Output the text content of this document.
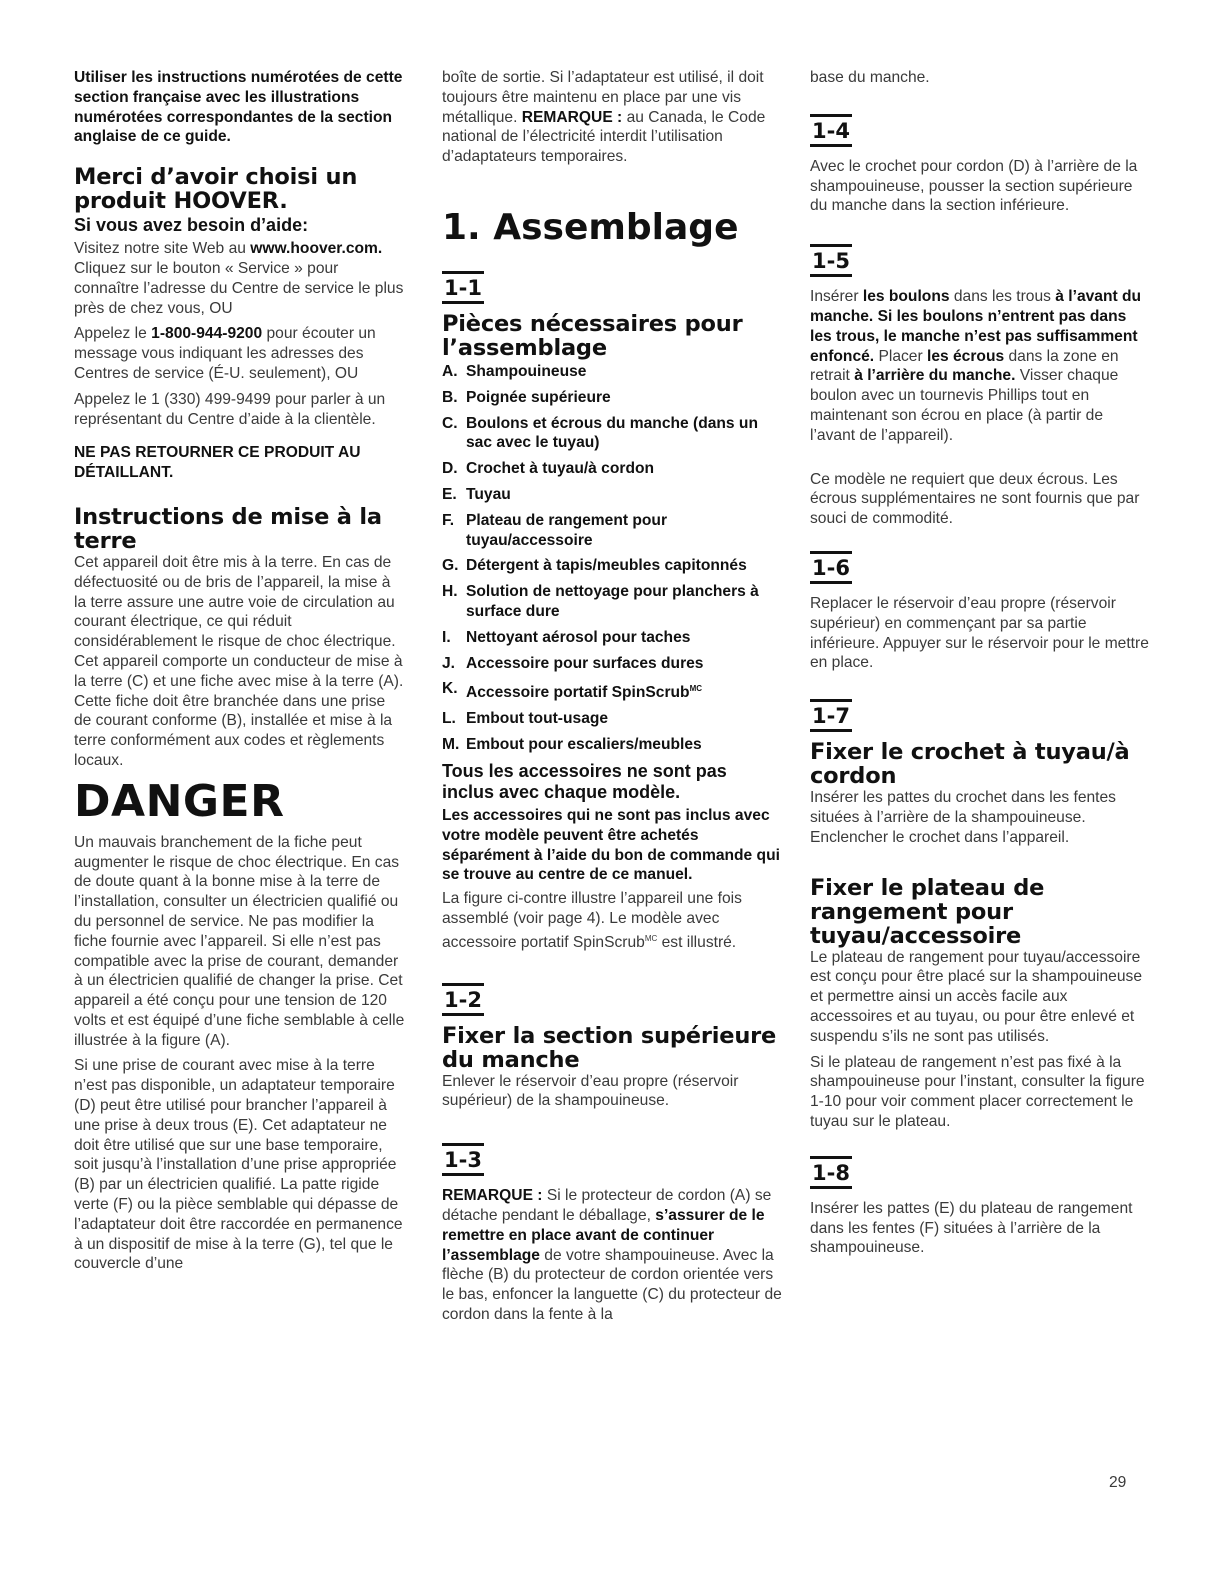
Utiliser les instructions numérotées de cette section française avec les illustrations numérotées correspondantes de la section anglaise de ce guide.

Merci d’avoir choisi un produit HOOVER.

Si vous avez besoin d’aide:

Visitez notre site Web au www.hoover.com. Cliquez sur le bouton « Service » pour connaître l’adresse du Centre de service le plus près de chez vous, OU

Appelez le 1-800-944-9200 pour écouter un message vous indiquant les adresses des Centres de service (É-U. seulement), OU

Appelez le 1 (330) 499-9499 pour parler à un représentant du Centre d’aide à la clientèle.

NE PAS RETOURNER CE PRODUIT AU DÉTAILLANT.

Instructions de mise à la terre

Cet appareil doit être mis à la terre. En cas de défectuosité ou de bris de l’appareil, la mise à la terre assure une autre voie de circulation au courant électrique, ce qui réduit considérablement le risque de choc électrique. Cet appareil comporte un conducteur de mise à la terre (C) et une fiche avec mise à la terre (A). Cette fiche doit être branchée dans une prise de courant conforme (B), installée et mise à la terre conformément aux codes et règlements locaux.

DANGER

Un mauvais branchement de la fiche peut augmenter le risque de choc électrique. En cas de doute quant à la bonne mise à la terre de l’installation, consulter un électricien qualifié ou du personnel de service. Ne pas modifier la fiche fournie avec l’appareil. Si elle n’est pas compatible avec la prise de courant, demander à un électricien qualifié de changer la prise. Cet appareil a été conçu pour une tension de 120 volts et est équipé d’une fiche semblable à celle illustrée à la figure (A).

Si une prise de courant avec mise à la terre n’est pas disponible, un adaptateur temporaire (D) peut être utilisé pour brancher l’appareil à une prise à deux trous (E). Cet adaptateur ne doit être utilisé que sur une base temporaire, soit jusqu’à l’installation d’une prise appropriée (B) par un électricien qualifié. La patte rigide verte (F) ou la pièce semblable qui dépasse de l’adaptateur doit être raccordée en permanence à un dispositif de mise à la terre (G), tel que le couvercle d’une

boîte de sortie. Si l’adaptateur est utilisé, il doit toujours être maintenu en place par une vis métallique. REMARQUE : au Canada, le Code national de l’électricité interdit l’utilisation d’adaptateurs temporaires.

1. Assemblage

1-1

Pièces nécessaires pour l’assemblage

A. Shampouineuse
B. Poignée supérieure
C. Boulons et écrous du manche (dans un sac avec le tuyau)
D. Crochet à tuyau/à cordon
E. Tuyau
F. Plateau de rangement pour tuyau/accessoire
G. Détergent à tapis/meubles capitonnés
H. Solution de nettoyage pour planchers à surface dure
I. Nettoyant aérosol pour taches
J. Accessoire pour surfaces dures
K. Accessoire portatif SpinScrub$^{MC}$
L. Embout tout-usage
M. Embout pour escaliers/meubles

Tous les accessoires ne sont pas inclus avec chaque modèle.

Les accessoires qui ne sont pas inclus avec votre modèle peuvent être achetés séparément à l’aide du bon de commande qui se trouve au centre de ce manuel.

La figure ci-contre illustre l’appareil une fois assemblé (voir page 4). Le modèle avec accessoire portatif SpinScrub$^{MC}$ est illustré.

1-2

Fixer la section supérieure du manche

Enlever le réservoir d’eau propre (réservoir supérieur) de la shampouineuse.

1-3

REMARQUE : Si le protecteur de cordon (A) se détache pendant le déballage, s’assurer de le remettre en place avant de continuer l’assemblage de votre shampouineuse. Avec la flèche (B) du protecteur de cordon orientée vers le bas, enfoncer la languette (C) du protecteur de cordon dans la fente à la

base du manche.

1-4

Avec le crochet pour cordon (D) à l’arrière de la shampouineuse, pousser la section supérieure du manche dans la section inférieure.

1-5

Insérer les boulons dans les trous à l’avant du manche. Si les boulons n’entrent pas dans les trous, le manche n’est pas suffisamment enfoncé. Placer les écrous dans la zone en retrait à l’arrière du manche. Visser chaque boulon avec un tournevis Phillips tout en maintenant son écrou en place (à partir de l’avant de l’appareil).

Ce modèle ne requiert que deux écrous. Les écrous supplémentaires ne sont fournis que par souci de commodité.

1-6

Replacer le réservoir d’eau propre (réservoir supérieur) en commençant par sa partie inférieure. Appuyer sur le réservoir pour le mettre en place.

1-7

Fixer le crochet à tuyau/à cordon

Insérer les pattes du crochet dans les fentes situées à l’arrière de la shampouineuse. Enclencher le crochet dans l’appareil.

Fixer le plateau de rangement pour tuyau/accessoire

Le plateau de rangement pour tuyau/accessoire est conçu pour être placé sur la shampouineuse et permettre ainsi un accès facile aux accessoires et au tuyau, ou pour être enlevé et suspendu s’ils ne sont pas utilisés.

Si le plateau de rangement n’est pas fixé à la shampouineuse pour l’instant, consulter la figure 1-10 pour voir comment placer correctement le tuyau sur le plateau.

1-8

Insérer les pattes (E) du plateau de rangement dans les fentes (F) situées à l’arrière de la shampouineuse.

29
